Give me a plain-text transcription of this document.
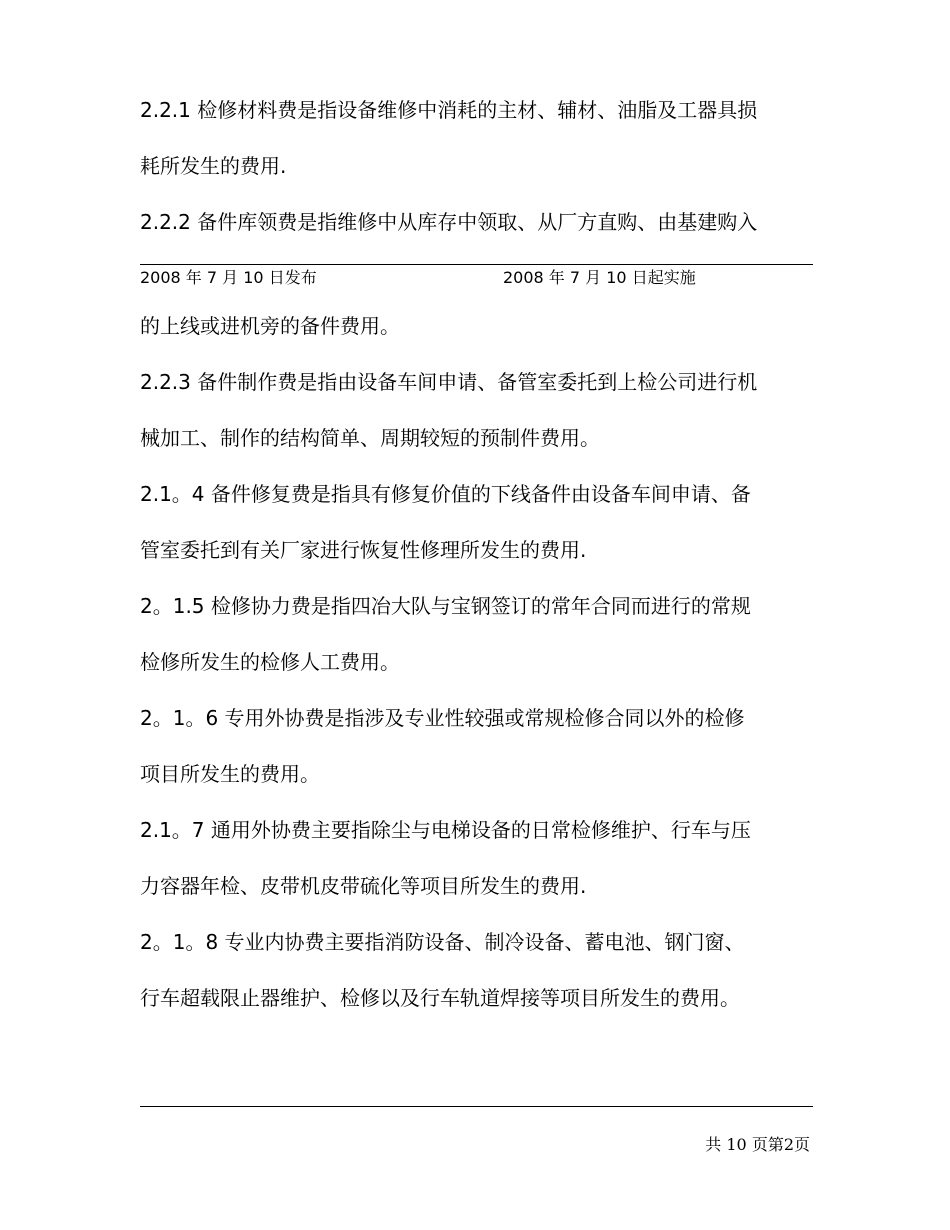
2.2.1 检修材料费是指设备维修中消耗的主材、辅材、油脂及工器具损
耗所发生的费用.
2.2.2 备件库领费是指维修中从库存中领取、从厂方直购、由基建购入
2008 年 7 月 10 日发布	2008 年 7 月 10 日起实施
的上线或进机旁的备件费用。
2.2.3 备件制作费是指由设备车间申请、备管室委托到上检公司进行机
械加工、制作的结构简单、周期较短的预制件费用。
2.1。4 备件修复费是指具有修复价值的下线备件由设备车间申请、备
管室委托到有关厂家进行恢复性修理所发生的费用.
2。1.5 检修协力费是指四冶大队与宝钢签订的常年合同而进行的常规
检修所发生的检修人工费用。
2。1。6 专用外协费是指涉及专业性较强或常规检修合同以外的检修
项目所发生的费用。
2.1。7 通用外协费主要指除尘与电梯设备的日常检修维护、行车与压
力容器年检、皮带机皮带硫化等项目所发生的费用.
2。1。8 专业内协费主要指消防设备、制冷设备、蓄电池、钢门窗、
行车超载限止器维护、检修以及行车轨道焊接等项目所发生的费用。
共 10 页第2页
